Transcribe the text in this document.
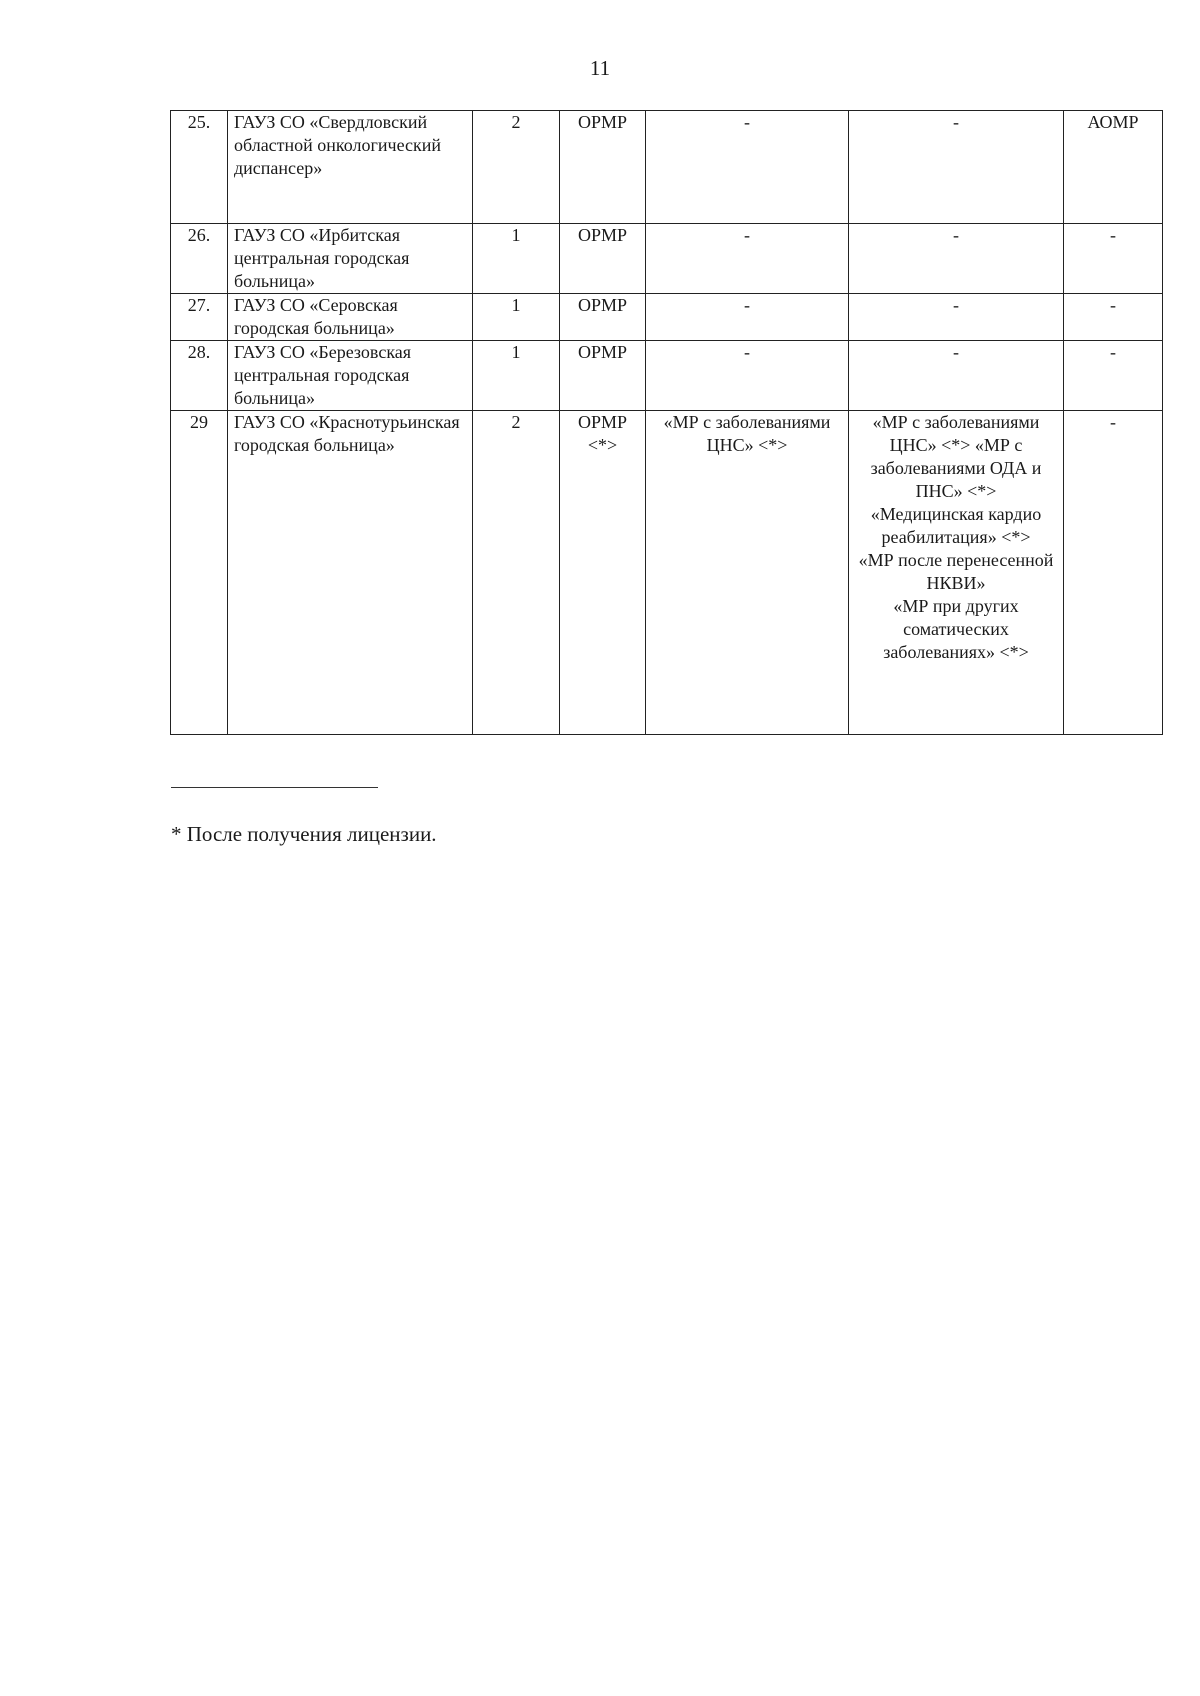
11
25.	ГАУЗ СО «Свердловский областной онкологический диспансер»	2	ОРМР	-	-	АОМР
26.	ГАУЗ СО «Ирбитская центральная городская больница»	1	ОРМР	-	-	-
27.	ГАУЗ СО «Серовская городская больница»	1	ОРМР	-	-	-
28.	ГАУЗ СО «Березовская центральная городская больница»	1	ОРМР	-	-	-
29	ГАУЗ СО «Краснотурьинская городская больница»	2	ОРМР <*>	«МР с заболеваниями ЦНС» <*>	«МР с заболеваниями ЦНС» <*> «МР с заболеваниями ОДА и ПНС» <*>
«Медицинская кардио реабилитация» <*>
«МР после перенесенной НКВИ»
«МР при других соматических заболеваниях» <*>	-
* После получения лицензии.
